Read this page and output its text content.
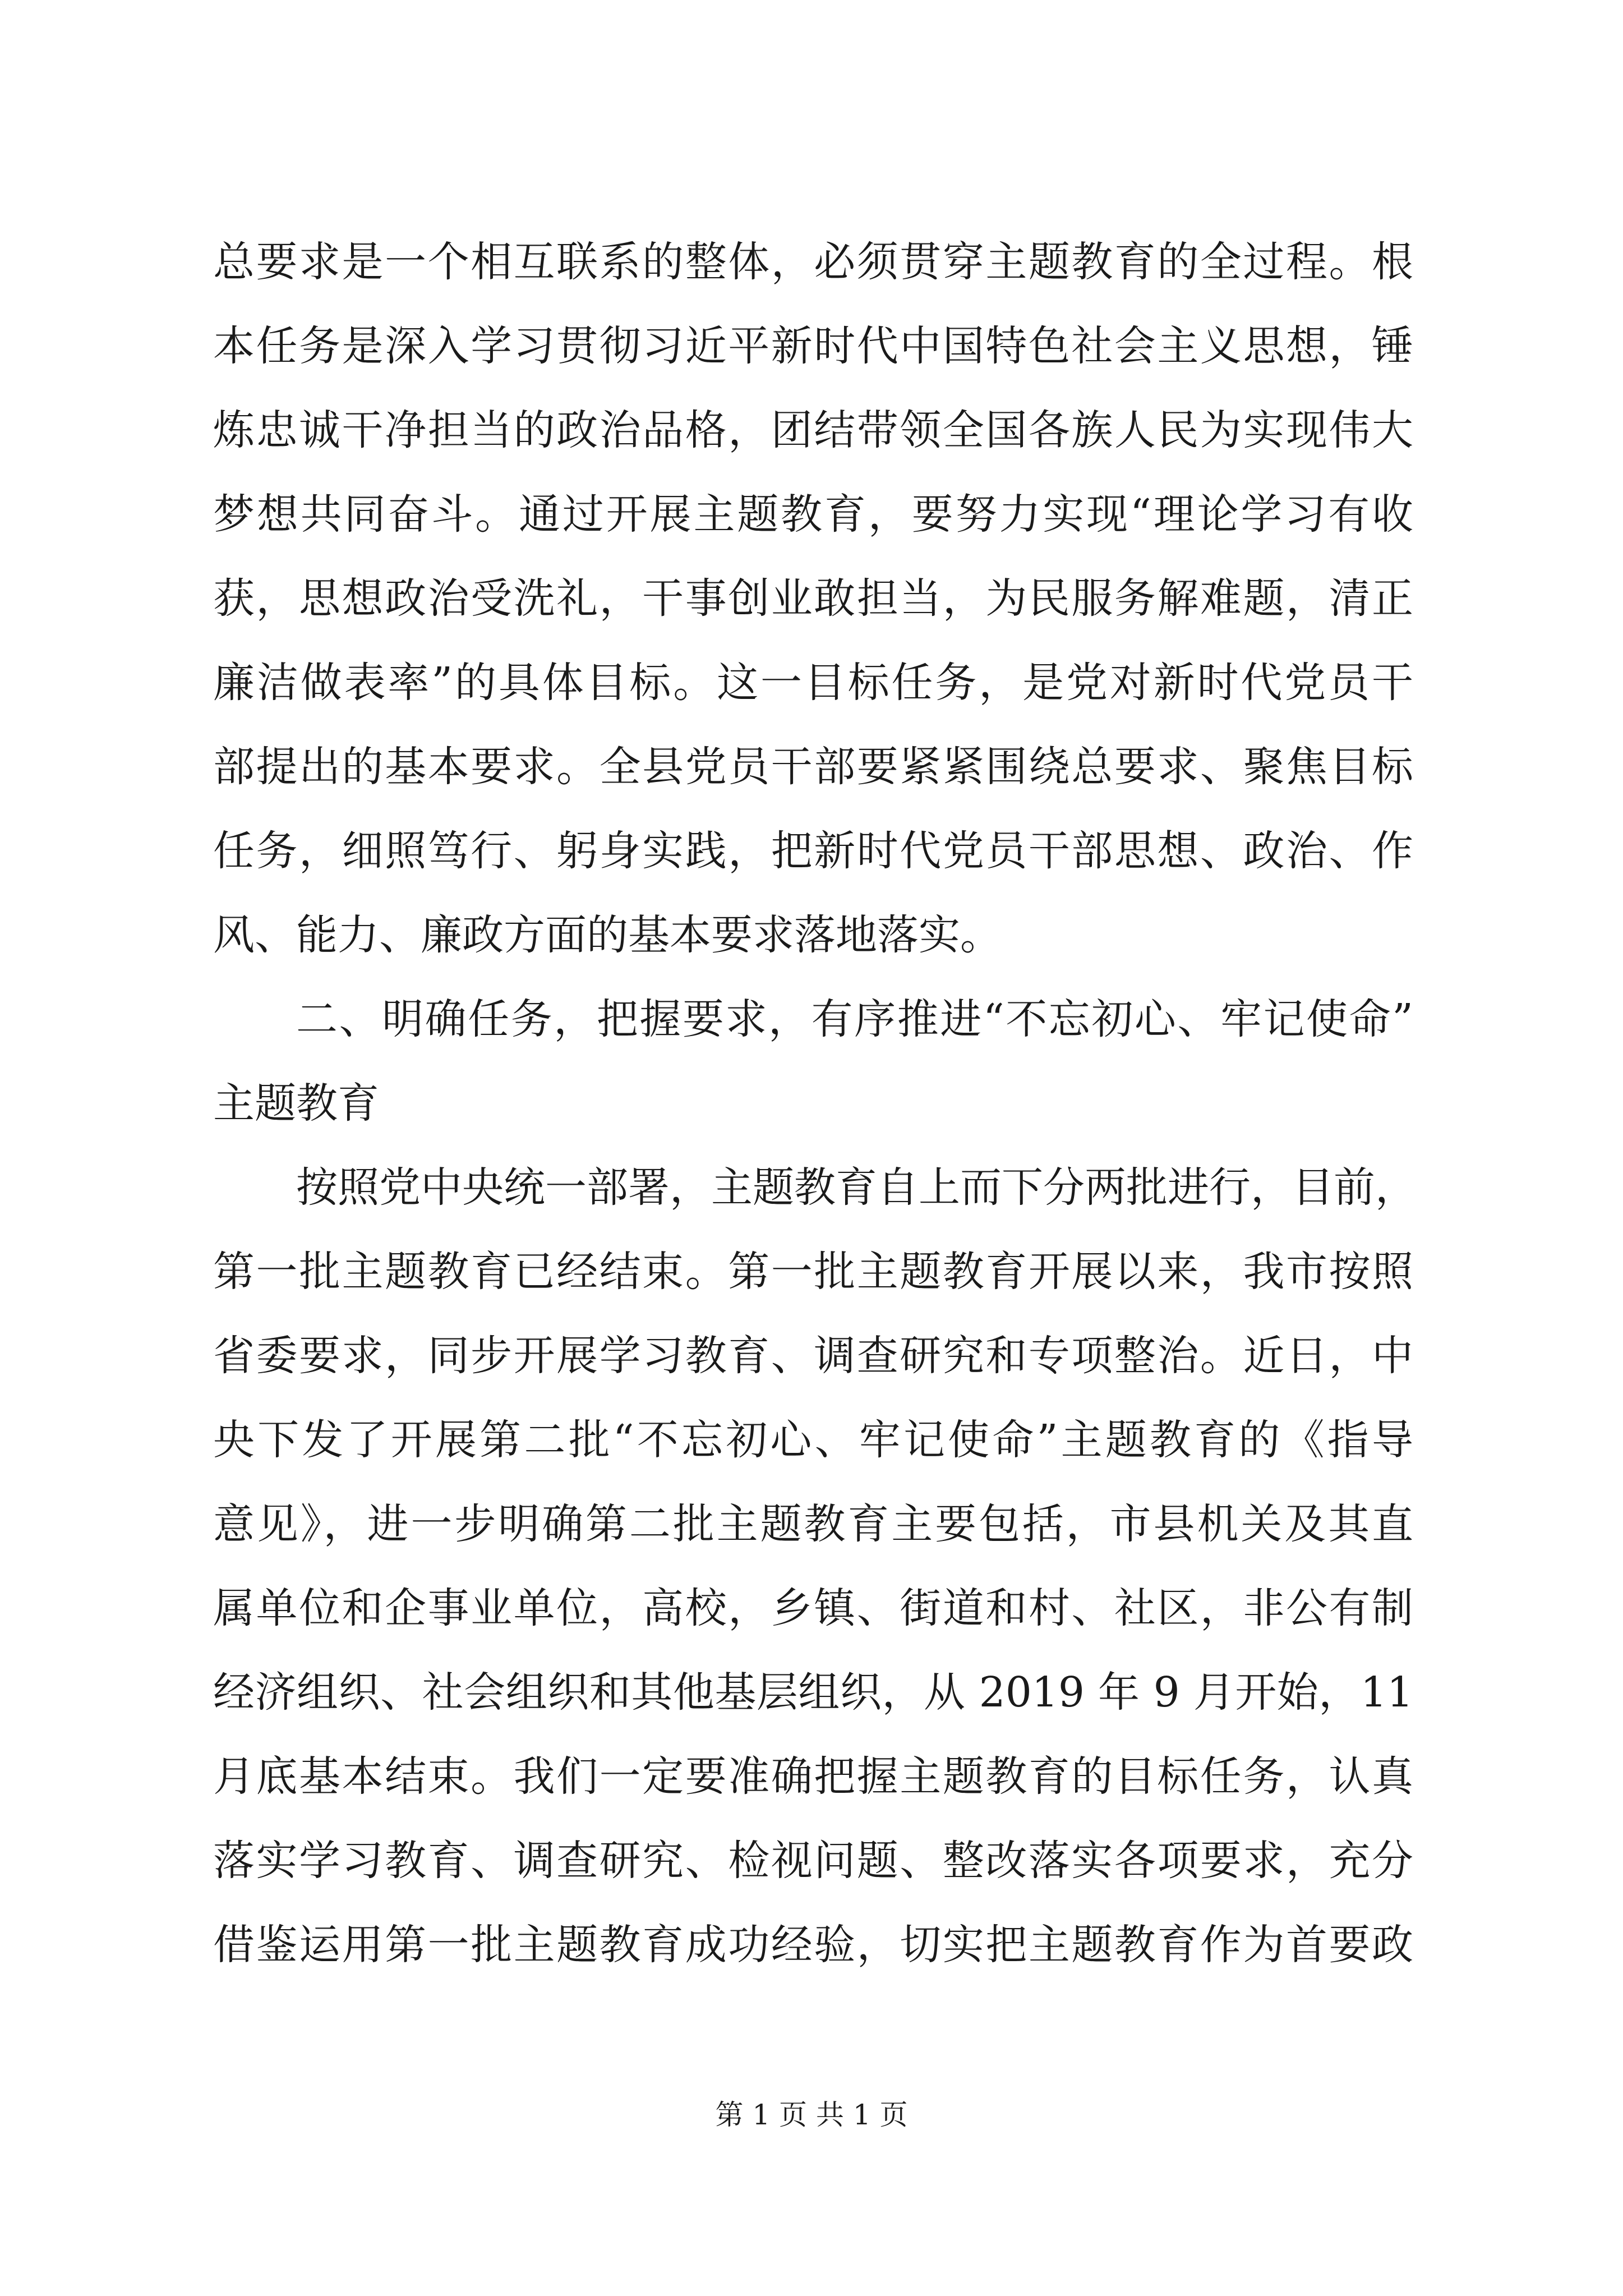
总要求是一个相互联系的整体，必须贯穿主题教育的全过程。根
本任务是深入学习贯彻习近平新时代中国特色社会主义思想，锤
炼忠诚干净担当的政治品格，团结带领全国各族人民为实现伟大
梦想共同奋斗。通过开展主题教育，要努力实现“理论学习有收
获，思想政治受洗礼，干事创业敢担当，为民服务解难题，清正
廉洁做表率”的具体目标。这一目标任务，是党对新时代党员干
部提出的基本要求。全县党员干部要紧紧围绕总要求、聚焦目标
任务，细照笃行、躬身实践，把新时代党员干部思想、政治、作
风、能力、廉政方面的基本要求落地落实。
二、明确任务，把握要求，有序推进“不忘初心、牢记使命”
主题教育
按照党中央统一部署，主题教育自上而下分两批进行，目前，
第一批主题教育已经结束。第一批主题教育开展以来，我市按照
省委要求，同步开展学习教育、调查研究和专项整治。近日，中
央下发了开展第二批“不忘初心、牢记使命”主题教育的《指导
意见》，进一步明确第二批主题教育主要包括，市县机关及其直
属单位和企事业单位，高校，乡镇、街道和村、社区，非公有制
经济组织、社会组织和其他基层组织，从 2019 年 9 月开始，11
月底基本结束。我们一定要准确把握主题教育的目标任务，认真
落实学习教育、调查研究、检视问题、整改落实各项要求，充分
借鉴运用第一批主题教育成功经验，切实把主题教育作为首要政
第 1 页 共 1 页
